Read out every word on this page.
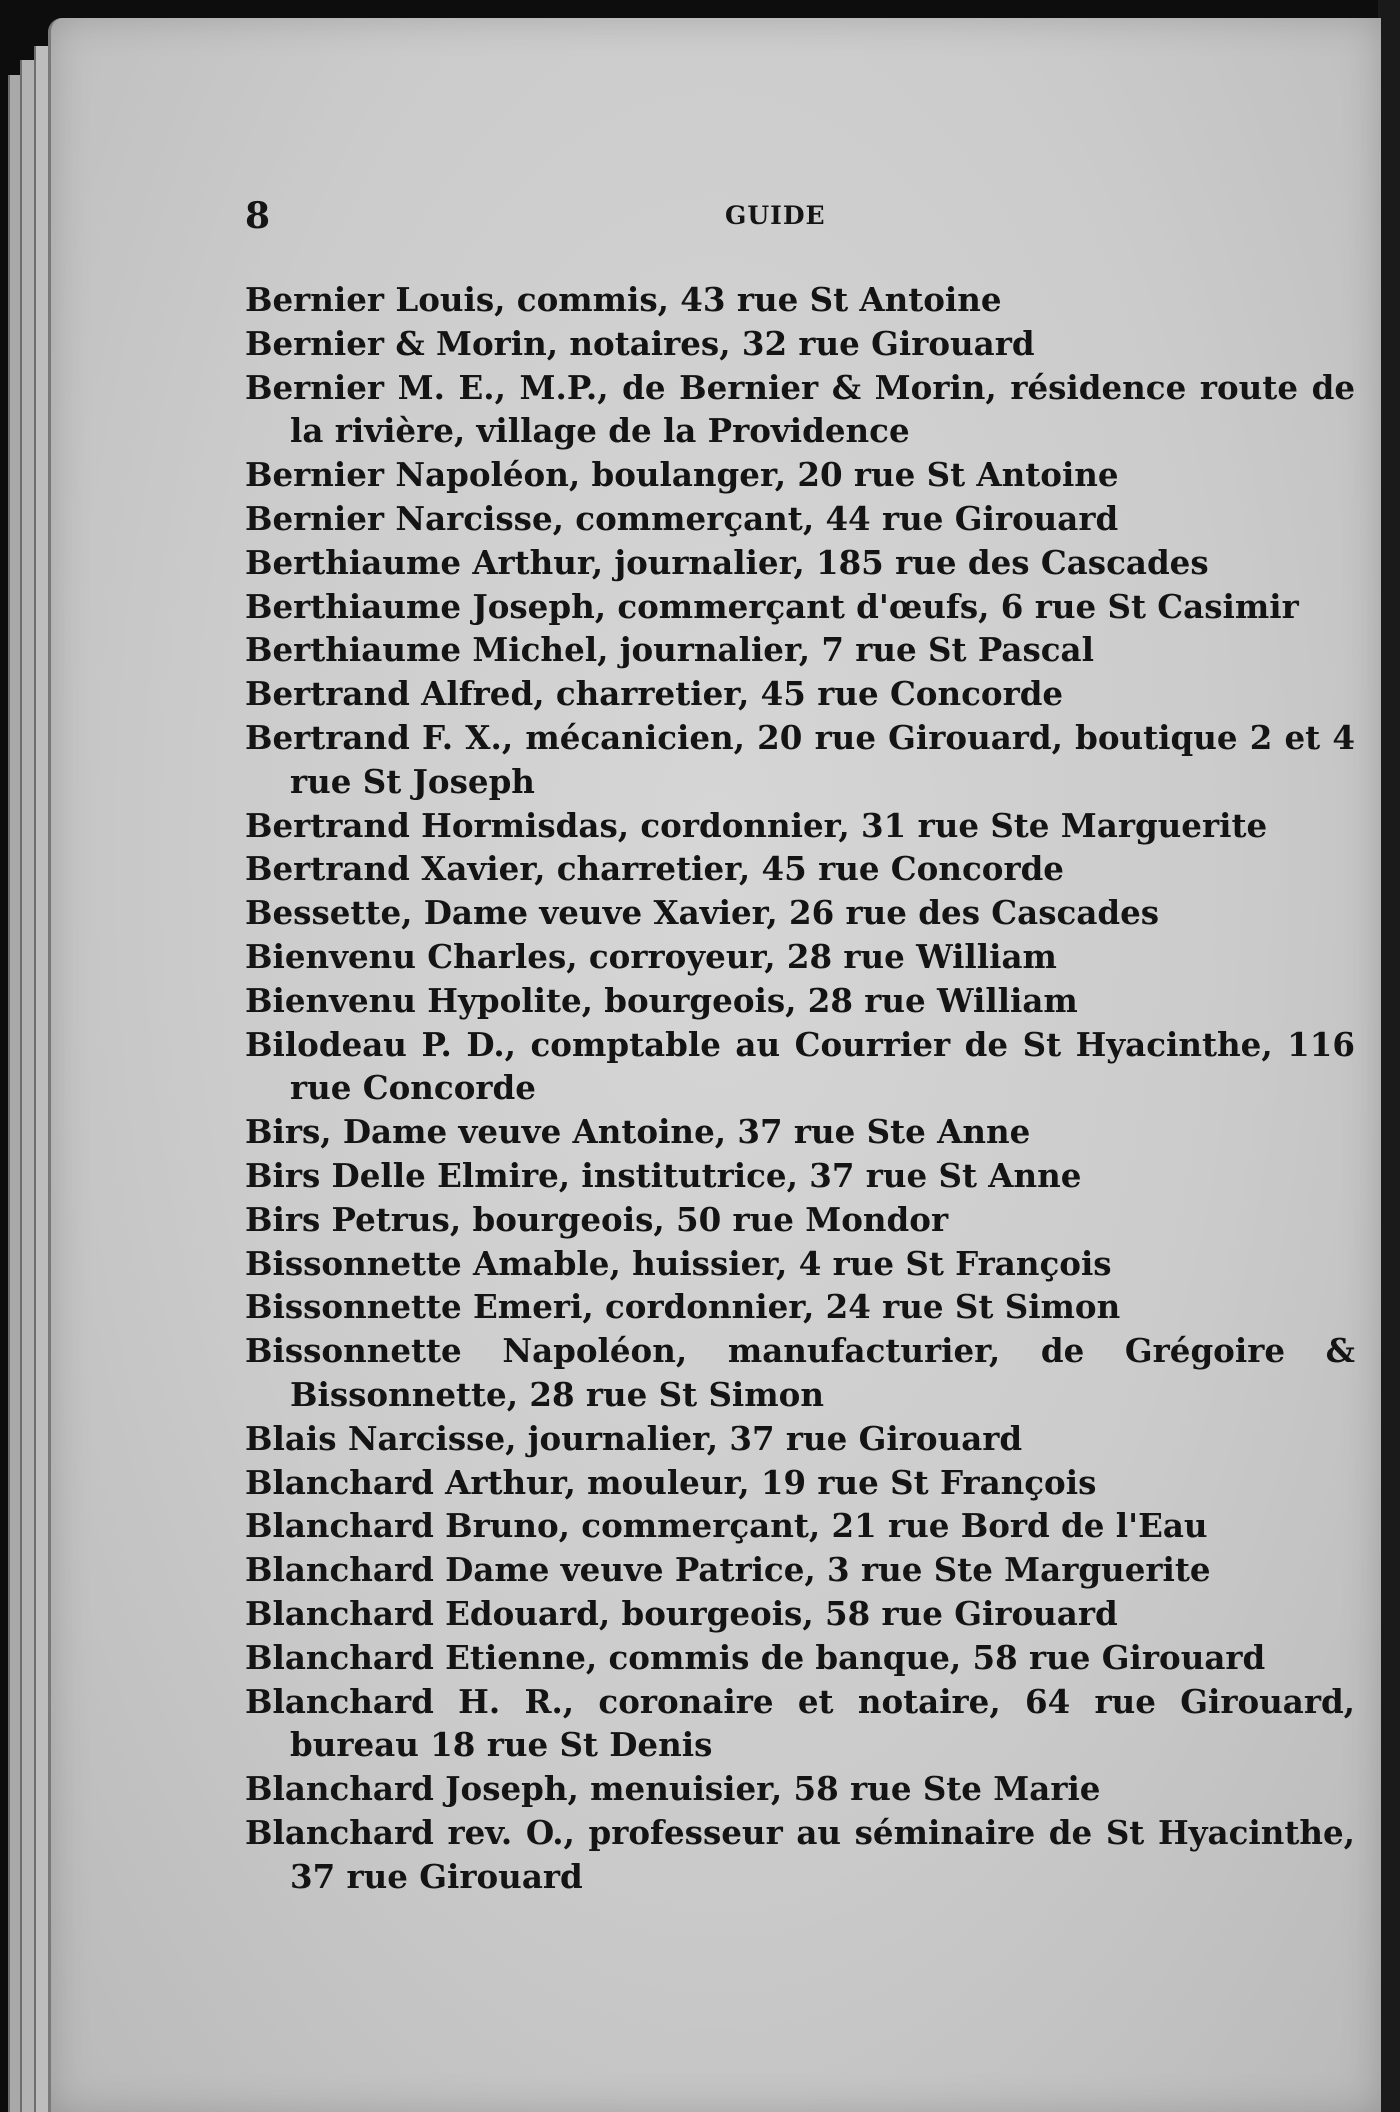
8	GUIDE
Bernier Louis, commis, 43 rue St Antoine
Bernier & Morin, notaires, 32 rue Girouard
Bernier M. E., M.P., de Bernier & Morin, résidence route de la rivière, village de la Providence
Bernier Napoléon, boulanger, 20 rue St Antoine
Bernier Narcisse, commerçant, 44 rue Girouard
Berthiaume Arthur, journalier, 185 rue des Cascades
Berthiaume Joseph, commerçant d'œufs, 6 rue St Casimir
Berthiaume Michel, journalier, 7 rue St Pascal
Bertrand Alfred, charretier, 45 rue Concorde
Bertrand F. X., mécanicien, 20 rue Girouard, boutique 2 et 4 rue St Joseph
Bertrand Hormisdas, cordonnier, 31 rue Ste Marguerite
Bertrand Xavier, charretier, 45 rue Concorde
Bessette, Dame veuve Xavier, 26 rue des Cascades
Bienvenu Charles, corroyeur, 28 rue William
Bienvenu Hypolite, bourgeois, 28 rue William
Bilodeau P. D., comptable au Courrier de St Hyacinthe, 116 rue Concorde
Birs, Dame veuve Antoine, 37 rue Ste Anne
Birs Delle Elmire, institutrice, 37 rue St Anne
Birs Petrus, bourgeois, 50 rue Mondor
Bissonnette Amable, huissier, 4 rue St François
Bissonnette Emeri, cordonnier, 24 rue St Simon
Bissonnette Napoléon, manufacturier, de Grégoire & Bissonnette, 28 rue St Simon
Blais Narcisse, journalier, 37 rue Girouard
Blanchard Arthur, mouleur, 19 rue St François
Blanchard Bruno, commerçant, 21 rue Bord de l'Eau
Blanchard Dame veuve Patrice, 3 rue Ste Marguerite
Blanchard Edouard, bourgeois, 58 rue Girouard
Blanchard Etienne, commis de banque, 58 rue Girouard
Blanchard H. R., coronaire et notaire, 64 rue Girouard, bureau 18 rue St Denis
Blanchard Joseph, menuisier, 58 rue Ste Marie
Blanchard rev. O., professeur au séminaire de St Hyacinthe, 37 rue Girouard
